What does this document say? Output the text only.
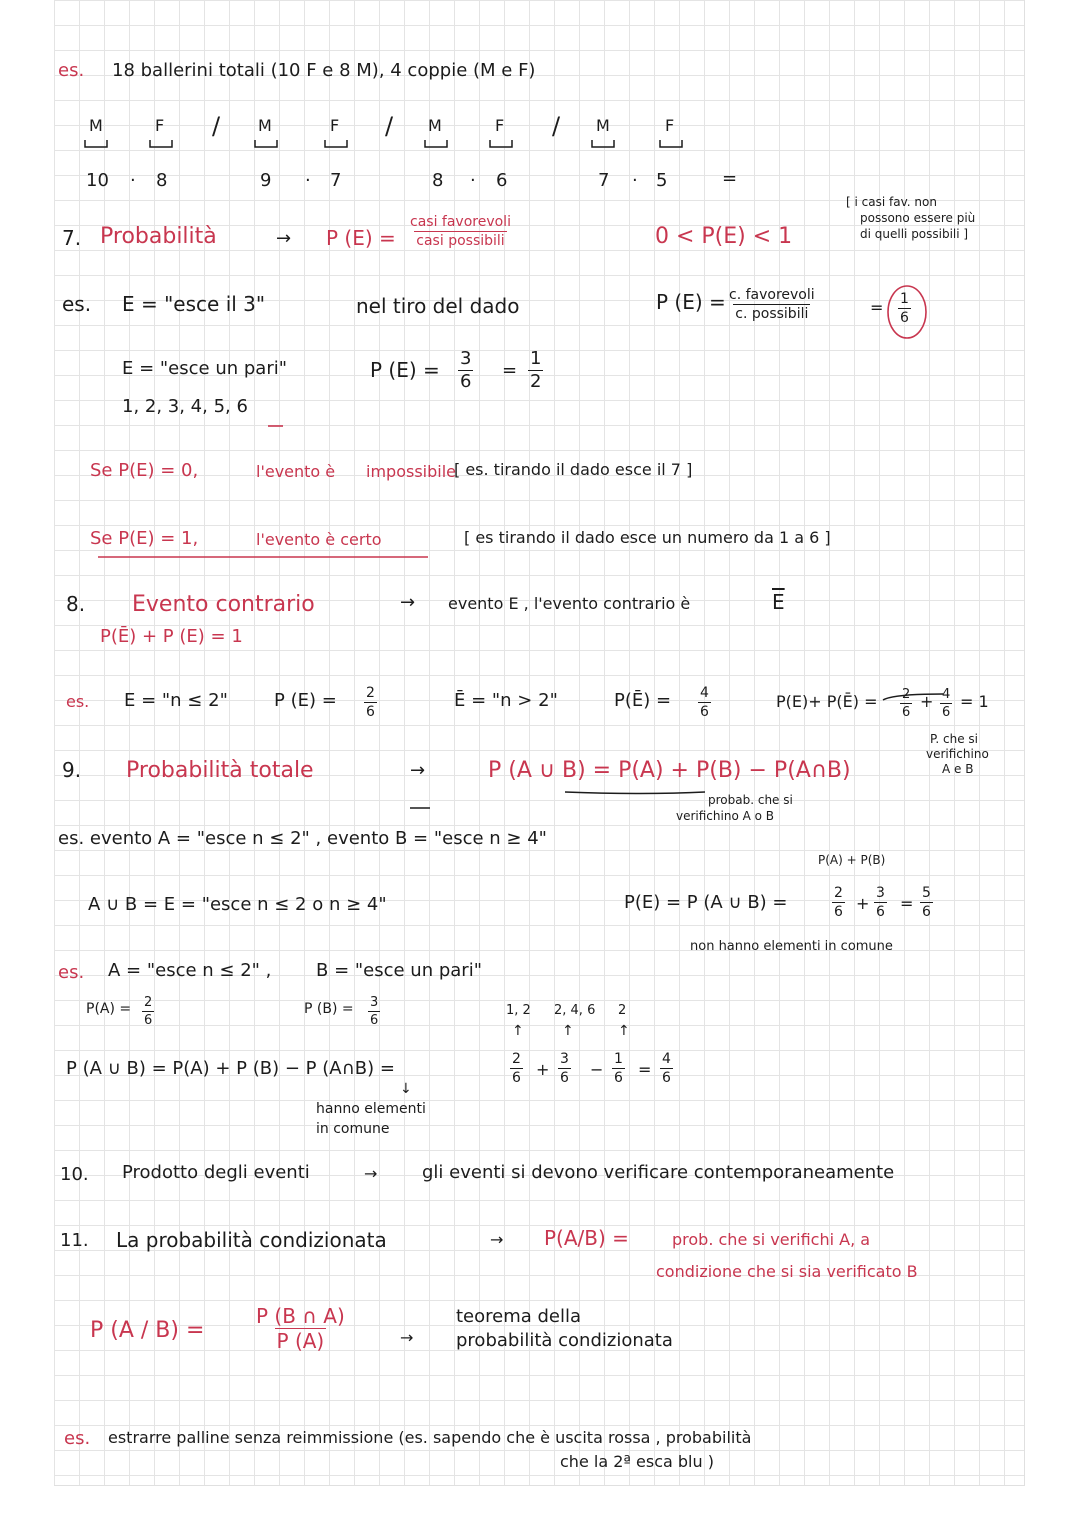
es. 18 ballerini totali (10 F e 8 M), 4 coppie (M e F)
M	F / M	F / M	F / M	F
10 · 8	9 · 7	8 · 6	7 · 5	=
7. Probabilità	→ P (E) =
casi favorevoli
casi possibili	0 < P(E) < 1
[ i casi fav. non
possono essere più
di quelli possibili ]
es. E = "esce il 3"	nel tiro del dado	P (E) = c. favorevoli
c. possibili	= $\frac{1}{6}$
E = "esce un pari"
1, 2, 3, 4, 5, 6
P $(E) = \frac{3}{6} = \frac{1}{2}$
Se P(E) = 0,	l'evento è impossibile
[ es. tirando il dado esce il 7 ]
Se P(E) = 1,	l'evento è certo	[ es tirando il dado esce un numero da 1 a 6 ]
8. Evento contrario	→ evento E , l'evento contrario è	$\overline{E}$
P(Ē) + P (E) = 1
es. E = "n ≤ 2"	P $(E) = \frac{2}{6}$	Ē = "n > 2"	P(Ē) = $\frac{4}{6}$	P(E)+ P(Ē) = $\frac{2}{6} + \frac{4}{6} = 1$
9. Probabilità totale	→	P (A ∪ B) = P(A) + P(B) − P(A∩B)
P. che si
verifichino
A e B
probab. che si
verifichino A o B
es. evento A = "esce n ≤ 2" , evento B = "esce n ≥ 4"
A ∪ B = E = "esce n ≤ 2 o n ≥ 4"
P(A) + P(B)
P(E) = P (A ∪ B) =	$\frac{2}{6} + \frac{3}{6} = \frac{5}{6}$
non hanno elementi in comune
es. A = "esce n ≤ 2" , B = "esce un pari"
$P(A) = \frac{2}{6}$	P $(B) = \frac{3}{6}$	1, 2 2, 4, 6 2
↑	↑	↑
P (A ∪ B) = P(A) + P (B) − P (A∩B) =	$\frac{2}{6} + \frac{3}{6} - \frac{1}{6} = \frac{4}{6}$
↓
hanno elementi
in comune
10. Prodotto degli eventi	→ gli eventi si devono verificare contemporaneamente
11. La probabilità condizionata	→ P(A/B) =	prob. che si verifichi A, a
condizione che si sia verificato B
P $(A / B) = \frac{P (B \cap A)}{P (A)}$	→
teorema della
probabilità condizionata
es. estrarre palline senza reimmissione (es. sapendo che è uscita rossa , probabilità
che la 2ª esca blu )
